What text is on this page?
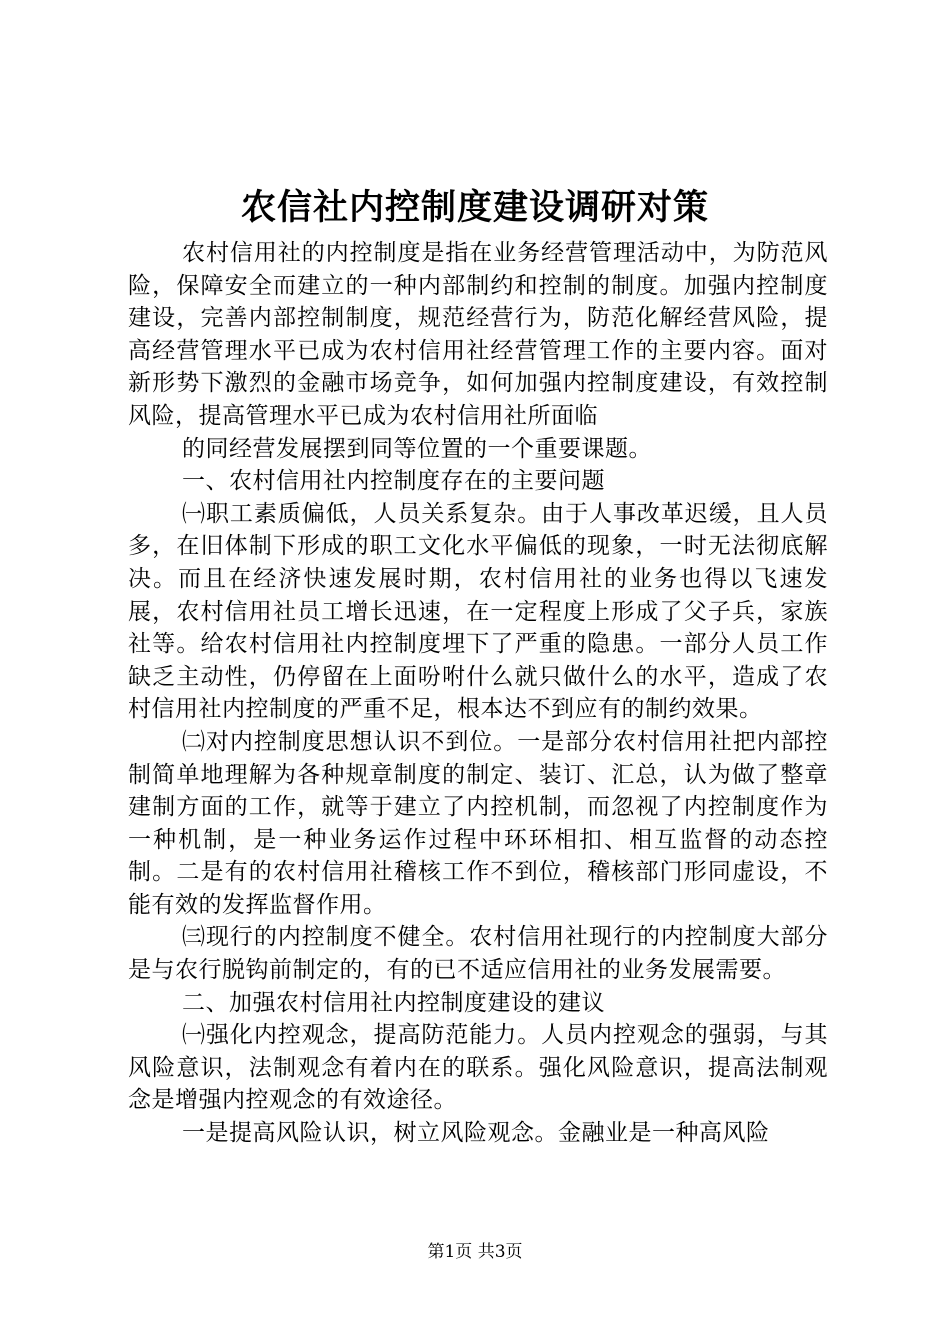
农信社内控制度建设调研对策

农村信用社的内控制度是指在业务经营管理活动中，为防范风险，保障安全而建立的一种内部制约和控制的制度。加强内控制度建设，完善内部控制制度，规范经营行为，防范化解经营风险，提高经营管理水平已成为农村信用社经营管理工作的主要内容。面对新形势下激烈的金融市场竞争，如何加强内控制度建设，有效控制风险，提高管理水平已成为农村信用社所面临

的同经营发展摆到同等位置的一个重要课题。

一、农村信用社内控制度存在的主要问题

㈠职工素质偏低，人员关系复杂。由于人事改革迟缓，且人员多，在旧体制下形成的职工文化水平偏低的现象，一时无法彻底解决。而且在经济快速发展时期，农村信用社的业务也得以飞速发展，农村信用社员工增长迅速，在一定程度上形成了父子兵，家族社等。给农村信用社内控制度埋下了严重的隐患。一部分人员工作缺乏主动性，仍停留在上面吩咐什么就只做什么的水平，造成了农村信用社内控制度的严重不足，根本达不到应有的制约效果。

㈡对内控制度思想认识不到位。一是部分农村信用社把内部控制简单地理解为各种规章制度的制定、装订、汇总，认为做了整章建制方面的工作，就等于建立了内控机制，而忽视了内控制度作为一种机制，是一种业务运作过程中环环相扣、相互监督的动态控制。二是有的农村信用社稽核工作不到位，稽核部门形同虚设，不能有效的发挥监督作用。

㈢现行的内控制度不健全。农村信用社现行的内控制度大部分是与农行脱钩前制定的，有的已不适应信用社的业务发展需要。

二、加强农村信用社内控制度建设的建议

㈠强化内控观念，提高防范能力。人员内控观念的强弱，与其风险意识，法制观念有着内在的联系。强化风险意识，提高法制观念是增强内控观念的有效途径。

一是提高风险认识，树立风险观念。金融业是一种高风险

第1页 共3页
